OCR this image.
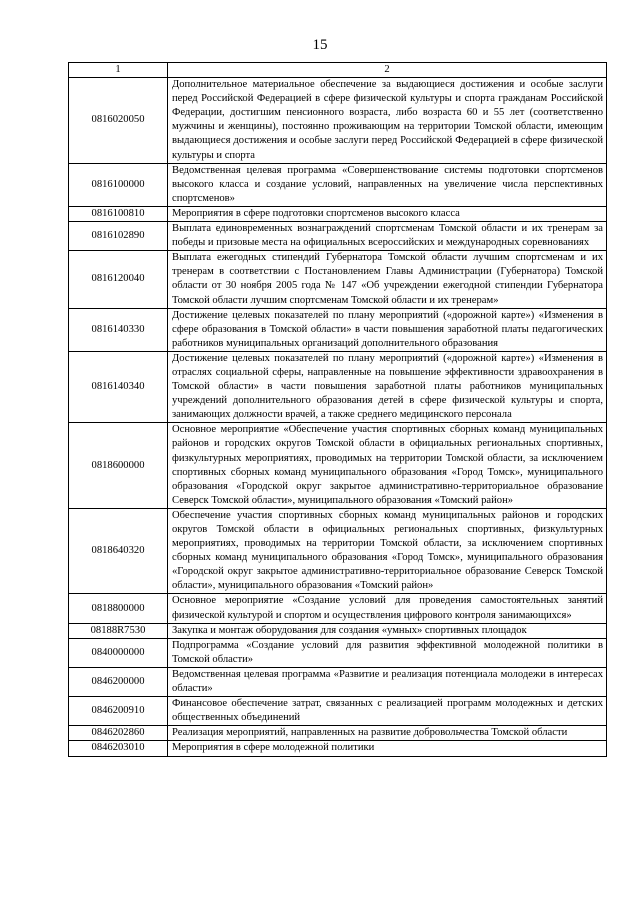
15
1	2
0816020050	Дополнительное материальное обеспечение за выдающиеся достижения и особые заслуги перед Российской Федерацией в сфере физической культуры и спорта гражданам Российской Федерации, достигшим пенсионного возраста, либо возраста 60 и 55 лет (соответственно мужчины и женщины), постоянно проживающим на территории Томской области, имеющим выдающиеся достижения и особые заслуги перед Российской Федерацией в сфере физической культуры и спорта
0816100000	Ведомственная целевая программа «Совершенствование системы подготовки спортсменов высокого класса и создание условий, направленных на увеличение числа перспективных спортсменов»
0816100810	Мероприятия в сфере подготовки спортсменов высокого класса
0816102890	Выплата единовременных вознаграждений спортсменам Томской области и их тренерам за победы и призовые места на официальных всероссийских и международных соревнованиях
0816120040	Выплата ежегодных стипендий Губернатора Томской области лучшим спортсменам и их тренерам в соответствии с Постановлением Главы Администрации (Губернатора) Томской области от 30 ноября 2005 года № 147 «Об учреждении ежегодной стипендии Губернатора Томской области лучшим спортсменам Томской области и их тренерам»
0816140330	Достижение целевых показателей по плану мероприятий («дорожной карте») «Изменения в сфере образования в Томской области» в части повышения заработной платы педагогических работников муниципальных организаций дополнительного образования
0816140340	Достижение целевых показателей по плану мероприятий («дорожной карте») «Изменения в отраслях социальной сферы, направленные на повышение эффективности здравоохранения в Томской области» в части повышения заработной платы работников муниципальных учреждений дополнительного образования детей в сфере физической культуры и спорта, занимающих должности врачей, а также среднего медицинского персонала
0818600000	Основное мероприятие «Обеспечение участия спортивных сборных команд муниципальных районов и городских округов Томской области в официальных региональных спортивных, физкультурных мероприятиях, проводимых на территории Томской области, за исключением спортивных сборных команд муниципального образования «Город Томск», муниципального образования «Городской округ закрытое административно-территориальное образование Северск Томской области», муниципального образования «Томский район»
0818640320	Обеспечение участия спортивных сборных команд муниципальных районов и городских округов Томской области в официальных региональных спортивных, физкультурных мероприятиях, проводимых на территории Томской области, за исключением спортивных сборных команд муниципального образования «Город Томск», муниципального образования «Городской округ закрытое административно-территориальное образование Северск Томской области», муниципального образования «Томский район»
0818800000	Основное мероприятие «Создание условий для проведения самостоятельных занятий физической культурой и спортом и осуществления цифрового контроля занимающихся»
08188R7530	Закупка и монтаж оборудования для создания «умных» спортивных площадок
0840000000	Подпрограмма «Создание условий для развития эффективной молодежной политики в Томской области»
0846200000	Ведомственная целевая программа «Развитие и реализация потенциала молодежи в интересах области»
0846200910	Финансовое обеспечение затрат, связанных с реализацией программ молодежных и детских общественных объединений
0846202860	Реализация мероприятий, направленных на развитие добровольчества Томской области
0846203010	Мероприятия в сфере молодежной политики
